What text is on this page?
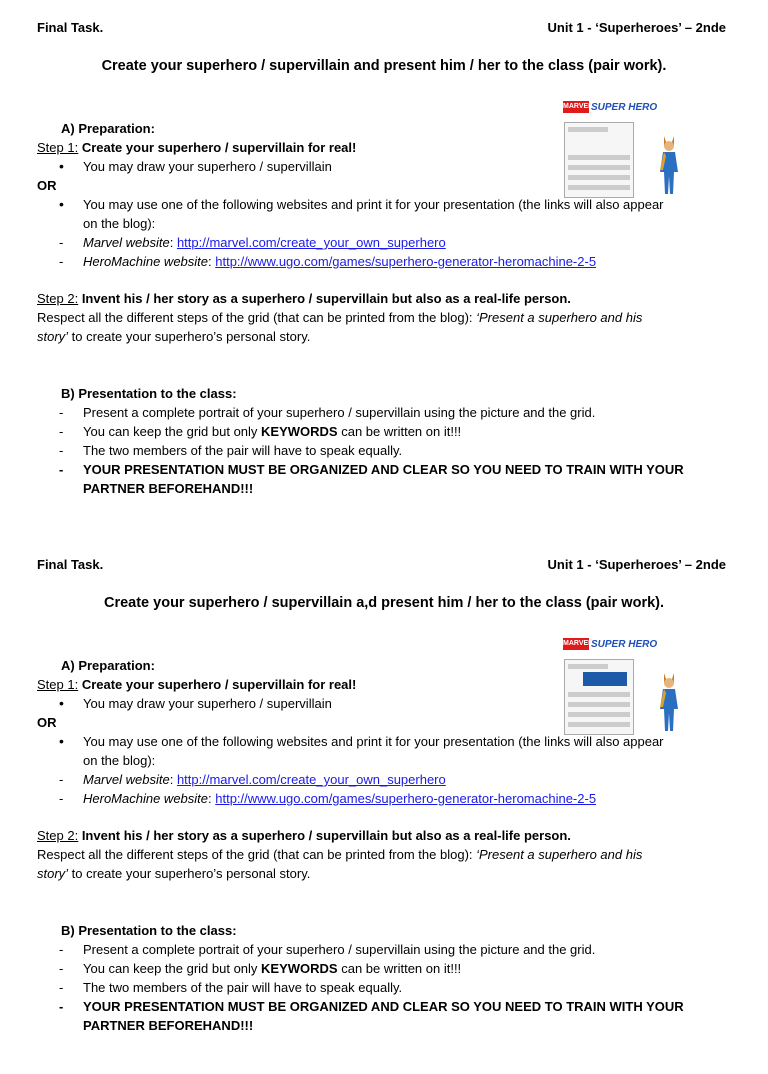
Final Task.	Unit 1 - ‘Superheroes’ – 2nde
Create your superhero / supervillain and present him / her to the class (pair work).
MARVEL
SUPER HERO
A) Preparation:
Step 1: Create your superhero / supervillain for real!
• You may draw your superhero / supervillain
OR
• You may use one of the following websites and print it for your presentation (the links will also appear
on the blog):
- Marvel website: http://marvel.com/create_your_own_superhero
- HeroMachine website: http://www.ugo.com/games/superhero-generator-heromachine-2-5
Step 2: Invent his / her story as a superhero / supervillain but also as a real-life person.
Respect all the different steps of the grid (that can be printed from the blog): ‘Present a superhero and his
story’ to create your superhero’s personal story.
B) Presentation to the class:
- Present a complete portrait of your superhero / supervillain using the picture and the grid.
- You can keep the grid but only KEYWORDS can be written on it!!!
- The two members of the pair will have to speak equally.
- YOUR PRESENTATION MUST BE ORGANIZED AND CLEAR SO YOU NEED TO TRAIN WITH YOUR
PARTNER BEFOREHAND!!!
Final Task.	Unit 1 - ‘Superheroes’ – 2nde
Create your superhero / supervillain a,d present him / her to the class (pair work).
MARVEL
SUPER HERO
A) Preparation:
Step 1: Create your superhero / supervillain for real!
• You may draw your superhero / supervillain
OR
• You may use one of the following websites and print it for your presentation (the links will also appear
on the blog):
- Marvel website: http://marvel.com/create_your_own_superhero
- HeroMachine website: http://www.ugo.com/games/superhero-generator-heromachine-2-5
Step 2: Invent his / her story as a superhero / supervillain but also as a real-life person.
Respect all the different steps of the grid (that can be printed from the blog): ‘Present a superhero and his
story’ to create your superhero’s personal story.
B) Presentation to the class:
- Present a complete portrait of your superhero / supervillain using the picture and the grid.
- You can keep the grid but only KEYWORDS can be written on it!!!
- The two members of the pair will have to speak equally.
- YOUR PRESENTATION MUST BE ORGANIZED AND CLEAR SO YOU NEED TO TRAIN WITH YOUR
PARTNER BEFOREHAND!!!
